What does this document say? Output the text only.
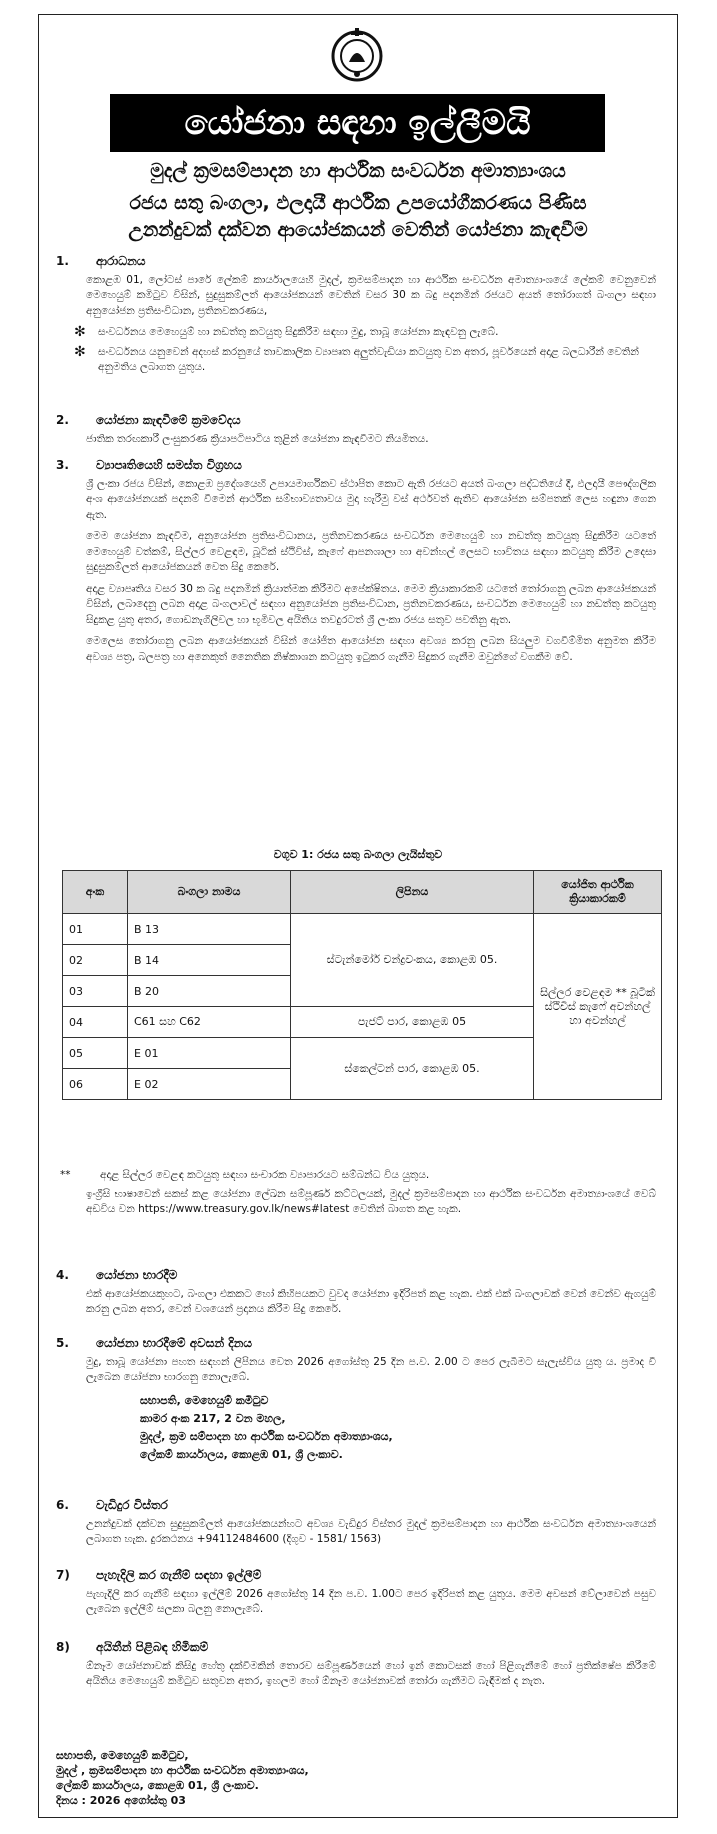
යෝජනා සඳහා ඉල්ලීමයි
මුදල් ක්‍රමසම්පාදන හා ආර්ථික සංවර්ධන අමාත්‍යාංශය
රජය සතු බංගලා, ඵලදායී ආර්ථික උපයෝගීකරණය පිණිස
උනන්දුවක් දක්වන ආයෝජකයන් වෙතින් යෝජනා කැඳවීම
1.	ආරාධනය
කොළඹ 01, ලෝටස් පාරේ ලේකම් කාර්යාලයෙහි මුදල්, ක්‍රමසම්පාදන හා ආර්ථික සංවර්ධන අමාත්‍යාංශයේ ලේකම් වෙනුවෙන් මෙහෙයුම් කමිටුව විසින්, සුදුසුකම්ලත් ආයෝජකයන් වෙතින් වසර 30 ක බදු පදනමින් රජයට අයත් තෝරාගත් බංගලා සඳහා අනුයෝජන ප්‍රතිසංවිධාන, ප්‍රතිනවකරණය,
✻	සංවර්ධනය මෙහෙයුම් හා නඩත්තු කටයුතු සිදුකිරීම සඳහා මුදු, තාබූ යෝජනා කැඳවනු ලැබේ.
✻	සංවර්ධනය යනුවෙන් අදහස් කරනුයේ තාවකාලික ව්‍යාපෘත අලුත්වැඩියා කටයුතු වන අතර, පූර්වයෙන් අදාළ බලධාරීන් වෙතින් අනුමතිය ලබාගත යුතුය.
2.	යෝජනා කැඳවීමේ ක්‍රමවේදය
ජාතික තරඟකාරී ලංසුකරණ ක්‍රියාපටිපාටිය තුළින් යෝජනා කැඳවීමට නියමිතය.
3.	ව්‍යාපෘතියෙහි සමස්ත විග්‍රහය
ශ්‍රී ලංකා රජය විසින්, කොළඹ ප්‍රදේශයෙහි උපායමාර්ගිකව ස්ථාපිත කොට ඇති රජයට අයත් බංගලා පද්ධතියේ දී, ඵලදායී පෞද්ගලික අංශ ආයෝජනයක් පදනම් වීමෙන් ආර්ථික සම්භාව්‍යතාවය මුදා හැරීමු වස් අර්ථවත් ඇතිව ආයෝජන සම්පතක් ලෙස හඳුනා ගෙන ඇත.
මෙම යෝජනා කැඳවීම, අනුයෝජන ප්‍රතිසංවිධානය, ප්‍රතිනවකරණය සංවර්ධන මෙහෙයුම් හා නඩත්තු කටයුතු සිදුකිරීම යටතේ මෙහෙයුම් වත්කම්, සිල්ලර වෙළඳම, බූටික් ස්ථිවිස්, කැෆේ ආපනශාලා හා අවන්හල් ලෙසට භාවිතය සඳහා කටයුතු කිරීම උදෙසා සුදුසුකම්ලත් ආයෝජකයන් වෙත සිදු කෙරේ.
අදාළ ව්‍යාපෘතිය වසර 30 ක බදු පදනමින් ක්‍රියාත්මක කිරීමට අපේක්ෂිතය. මෙම ක්‍රියාකාරකම් යටතේ තෝරාගනු ලබන ආයෝජකයන් විසින්, ලබාදෙනු ලබන අදාළ බංගලාවල් සඳහා අනුයෝජන ප්‍රතිසංවිධාන, ප්‍රතිනවකරණය, සංවර්ධන මෙහෙයුම් හා නඩත්තු කටයුතු සිදුකළ යුතු අතර, ගොඩනැගිලිවල හා භූමිවල අයිතිය තවදුරටත් ශ්‍රී ලංකා රජය සතුව පවතිනු ඇත.
මෙලෙස තෝරාගනු ලබන ආයෝජකයන් විසින් යෝජිත ආයෝජන සඳහා අවශ්‍ය කරනු ලබන සියලුම වගවීම්මිත අනුමත කිරීම අවශ්‍ය පත්‍ර, බලපත්‍ර හා අනෙකුත් නෛතික නිෂ්කාශන කටයුතු ඉටුකර ගැනීම සිදුකර ගැනීම ඔවුන්ගේ වගකීම වේ.
වගුව 1: රජය සතු බංගලා ලැයිස්තුව
අංක	බංගලා නාමය	ලිපිනය	යෝජිත ආර්ථික ක්‍රියාකාරකම්
01	B 13	ස්ටැන්මෝර් චන්ද්‍රවංකය, කොළඹ 05.	සිල්ලර වෙළඳම ** බූටික් ස්ථිවිස් කැෆේ අවන්හල් හා අවන්හල්
02	B 14		
03	B 20		
04	C61 සහ C62	පැජට් පාර, කොළඹ 05	
05	E 01	ස්කෙල්ටන් පාර, කොළඹ 05.	
06	E 02		
**	අදාළ සිල්ලර වෙළඳ කටයුතු සඳහා සංචාරක ව්‍යාපාරයට සම්බන්ධ විය යුතුය.
ඉංග්‍රීසි භාෂාවෙන් සකස් කළ යෝජනා ලේඛන සම්පූර්ණ කට්ටලයක්, මුදල් ක්‍රමසම්පාදන හා ආර්ථික සංවර්ධන අමාත්‍යාංශයේ වෙබ් අඩවිය වන https://www.treasury.gov.lk/news#latest වෙතින් බාගත කළ හැක.
4.	යෝජනා භාරදීම
එක් ආයෝජකයකුහට, බංගලා එකකට හෝ කිහිපයකට වුවද යෝජනා ඉදිරිපත් කළ හැක. එක් එක් බංගලාවක් වෙන් වෙන්ව ඇගයුම් කරනු ලබන අතර, වෙන් වශයෙන් ප්‍රදානය කිරීම සිදු කෙරේ.
5.	යෝජනා භාරදීමේ අවසන් දිනය
මුදු, තාබූ යෝජනා පහත සඳහන් ලිපිනය වෙත 2026 අගෝස්තු 25 දින ප.ව. 2.00 ට පෙර ලැබීමට සැලැස්විය යුතු ය. ප්‍රමාද වී ලැබෙන යෝජනා භාරගනු නොලැබේ.
සභාපති, මෙහෙයුම් කමිටුව
කාමර අංක 217, 2 වන මහල,
මුදල්, ක්‍රම සම්පාදන හා ආර්ථික සංවර්ධන අමාත්‍යාංශය,
ලේකම් කාර්යාලය, කොළඹ 01, ශ්‍රී ලංකාව.
6.	වැඩිදුර විස්තර
උනන්දුවක් දක්වන සුදුසුකම්ලත් ආයෝජකයන්හට අවශ්‍ය වැඩිදුර විස්තර මුදල් ක්‍රමසම්පාදන හා ආර්ථික සංවර්ධන අමාත්‍යාංශයෙන් ලබාගත හැක. දුරකථනය +94112484600 (දිගුව - 1581/ 1563)
7)	පැහැදිලි කර ගැනීම් සඳහා ඉල්ලීම්
පැහැදිලි කර ගැනීම් සඳහා ඉල්ලීම් 2026 අගෝස්තු 14 දින ප.ව. 1.00ට පෙර ඉදිරිපත් කළ යුතුය. මෙම අවසන් වේලාවෙන් පසුව ලැබෙන ඉල්ලීම් සලකා බලනු නොලැබේ.
8)	අයිතීන් පිළිබඳ හිමිකම්
ඕනෑම යෝජනාවක් කිසිදු හේතු දක්වීමකින් තොරව සම්පූර්ණයෙන් හෝ ඉන් කොටසක් හෝ පිළිගැනීමේ හෝ ප්‍රතික්ෂේප කිරීමේ අයිතිය මෙහෙයුම් කමිටුව සතුවන අතර, ඉහලම හෝ ඕනෑම යෝජනාවක් තෝරා ගැනීමට බැඳීමක් ද නැත.
සභාපති, මෙහෙයුම් කමිටුව,
මුදල් , ක්‍රමසම්පාදන හා ආර්ථික සංවර්ධන අමාත්‍යාංශය,
ලේකම් කාර්යාලය, කොළඹ 01, ශ්‍රී ලංකාව.
දිනය : 2026 අගෝස්තු 03
